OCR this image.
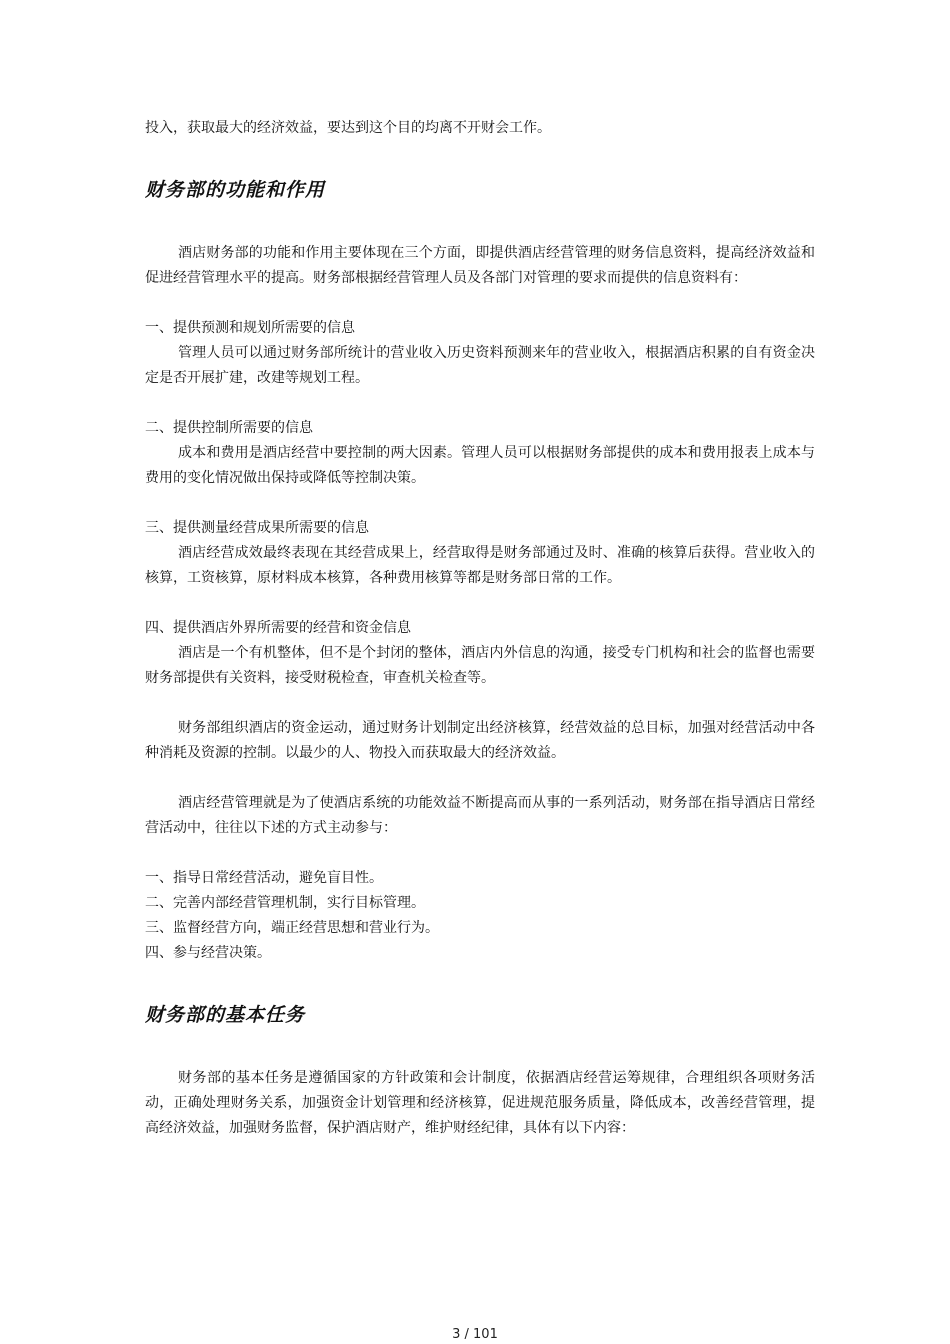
投入，获取最大的经济效益，要达到这个目的均离不开财会工作。

财务部的功能和作用

酒店财务部的功能和作用主要体现在三个方面，即提供酒店经营管理的财务信息资料，提高经济效益和促进经营管理水平的提高。财务部根据经营管理人员及各部门对管理的要求而提供的信息资料有：

一、提供预测和规划所需要的信息

管理人员可以通过财务部所统计的营业收入历史资料预测来年的营业收入，根据酒店积累的自有资金决定是否开展扩建，改建等规划工程。

二、提供控制所需要的信息

成本和费用是酒店经营中要控制的两大因素。管理人员可以根据财务部提供的成本和费用报表上成本与费用的变化情况做出保持或降低等控制决策。

三、提供测量经营成果所需要的信息

酒店经营成效最终表现在其经营成果上，经营取得是财务部通过及时、准确的核算后获得。营业收入的核算，工资核算，原材料成本核算，各种费用核算等都是财务部日常的工作。

四、提供酒店外界所需要的经营和资金信息

酒店是一个有机整体，但不是个封闭的整体，酒店内外信息的沟通，接受专门机构和社会的监督也需要财务部提供有关资料，接受财税检查，审查机关检查等。

财务部组织酒店的资金运动，通过财务计划制定出经济核算，经营效益的总目标，加强对经营活动中各种消耗及资源的控制。以最少的人、物投入而获取最大的经济效益。

酒店经营管理就是为了使酒店系统的功能效益不断提高而从事的一系列活动，财务部在指导酒店日常经营活动中，往往以下述的方式主动参与：

一、指导日常经营活动，避免盲目性。

二、完善内部经营管理机制，实行目标管理。

三、监督经营方向，端正经营思想和营业行为。

四、参与经营决策。

财务部的基本任务

财务部的基本任务是遵循国家的方针政策和会计制度，依据酒店经营运筹规律，合理组织各项财务活动，正确处理财务关系，加强资金计划管理和经济核算，促进规范服务质量，降低成本，改善经营管理，提高经济效益，加强财务监督，保护酒店财产，维护财经纪律，具体有以下内容：

3 / 101
